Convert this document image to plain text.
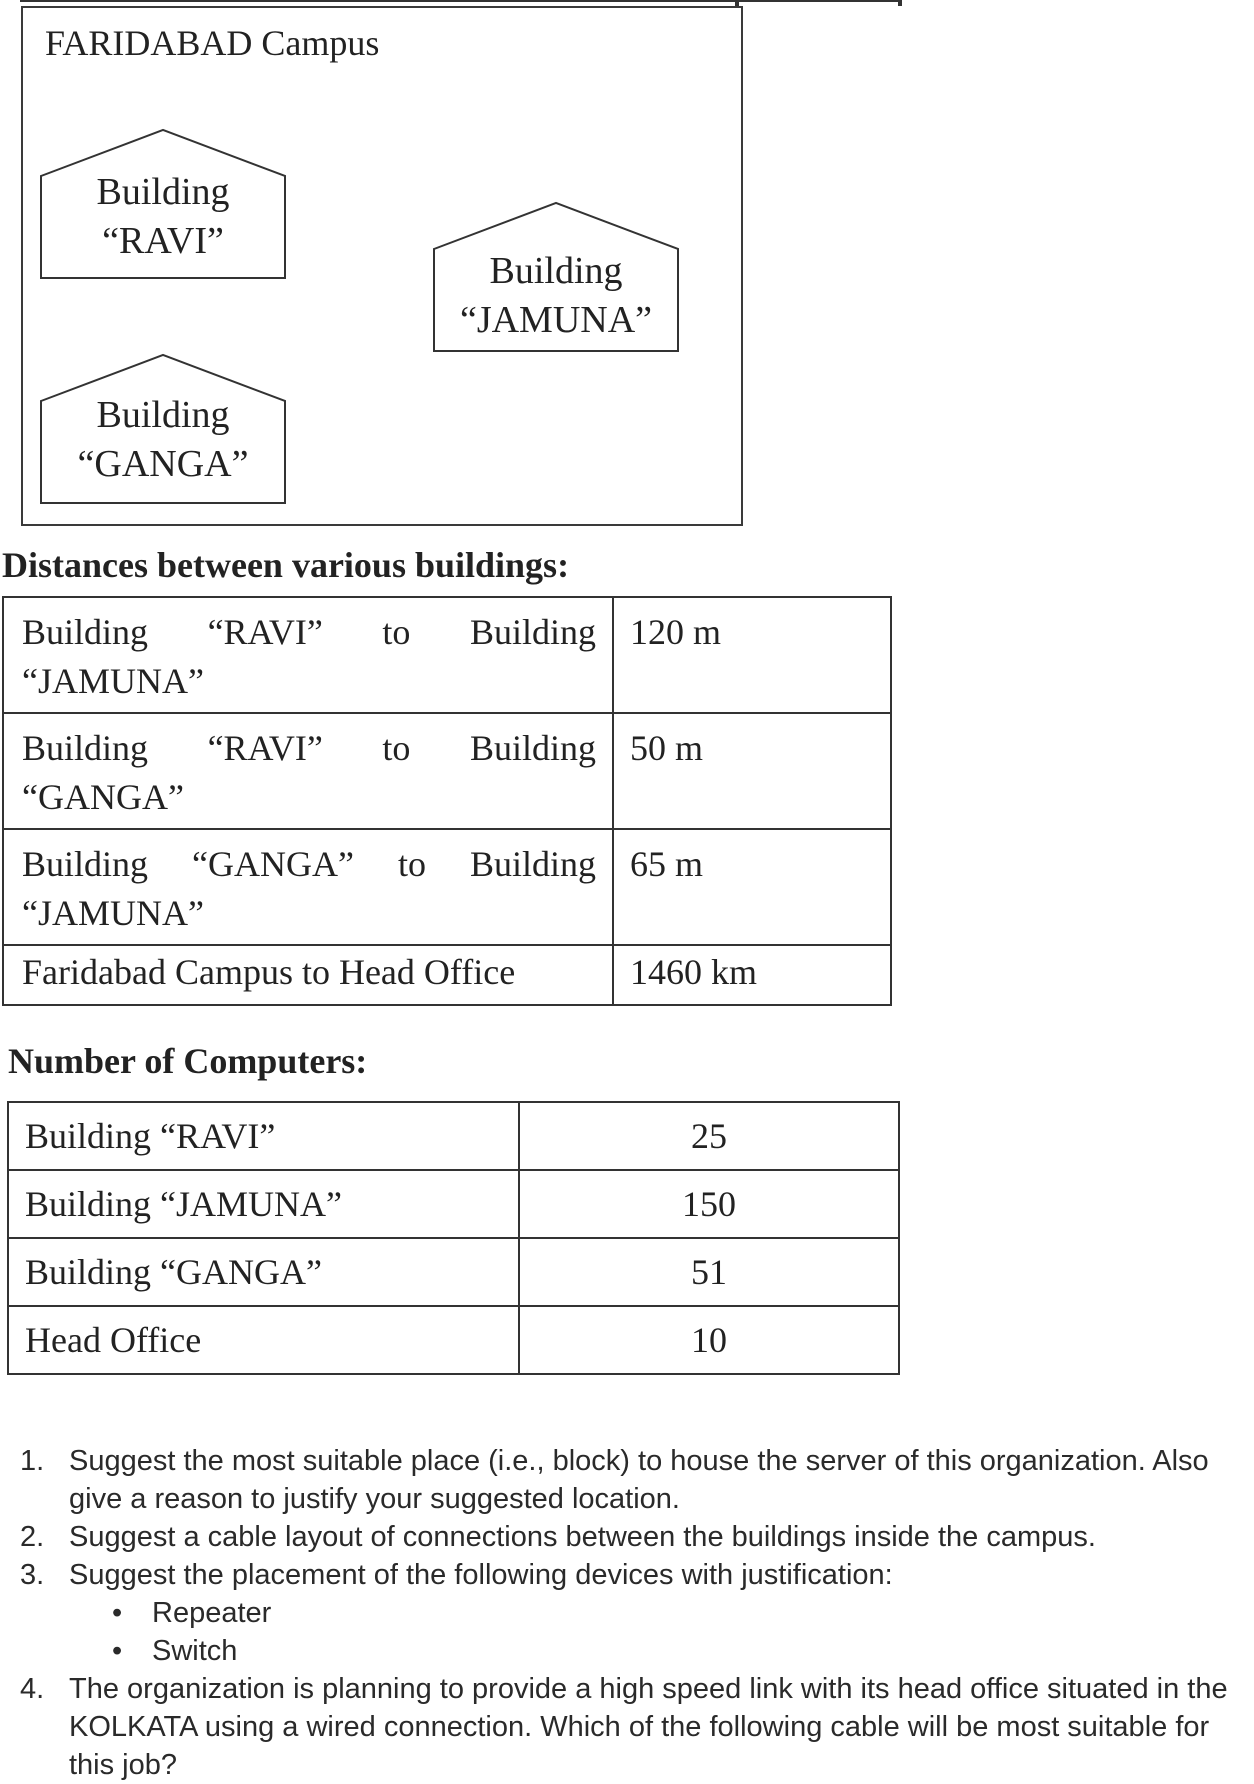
FARIDABAD Campus
Building
“RAVI”
Building
“JAMUNA”
Building
“GANGA”
Distances between various buildings:
Building “RAVI” to Building “JAMUNA”	120 m
Building “RAVI” to Building “GANGA”	50 m
Building “GANGA” to Building “JAMUNA”	65 m
Faridabad Campus to Head Office	1460 km
Number of Computers:
Building “RAVI”	25
Building “JAMUNA”	150
Building “GANGA”	51
Head Office	10
1. Suggest the most suitable place (i.e., block) to house the server of this organization. Also give a reason to justify your suggested location.
2. Suggest a cable layout of connections between the buildings inside the campus.
3. Suggest the placement of the following devices with justification:
• Repeater
• Switch
4. The organization is planning to provide a high speed link with its head office situated in the KOLKATA using a wired connection. Which of the following cable will be most suitable for this job?
